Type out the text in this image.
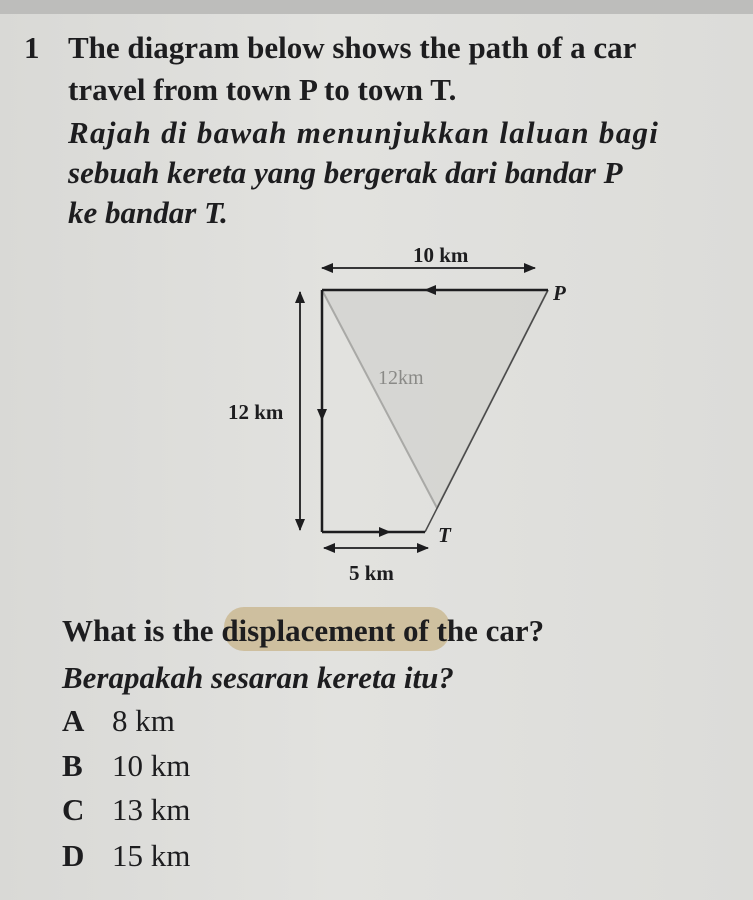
1 The diagram below shows the path of a car
travel from town P to town T.
Rajah di bawah menunjukkan laluan bagi
sebuah kereta yang bergerak dari bandar P
ke bandar T.
12km
10 km
12 km
5 km
P
T
What is the displacement of the car?
Berapakah sesaran kereta itu?
A 8 km
B 10 km
C 13 km
D 15 km
